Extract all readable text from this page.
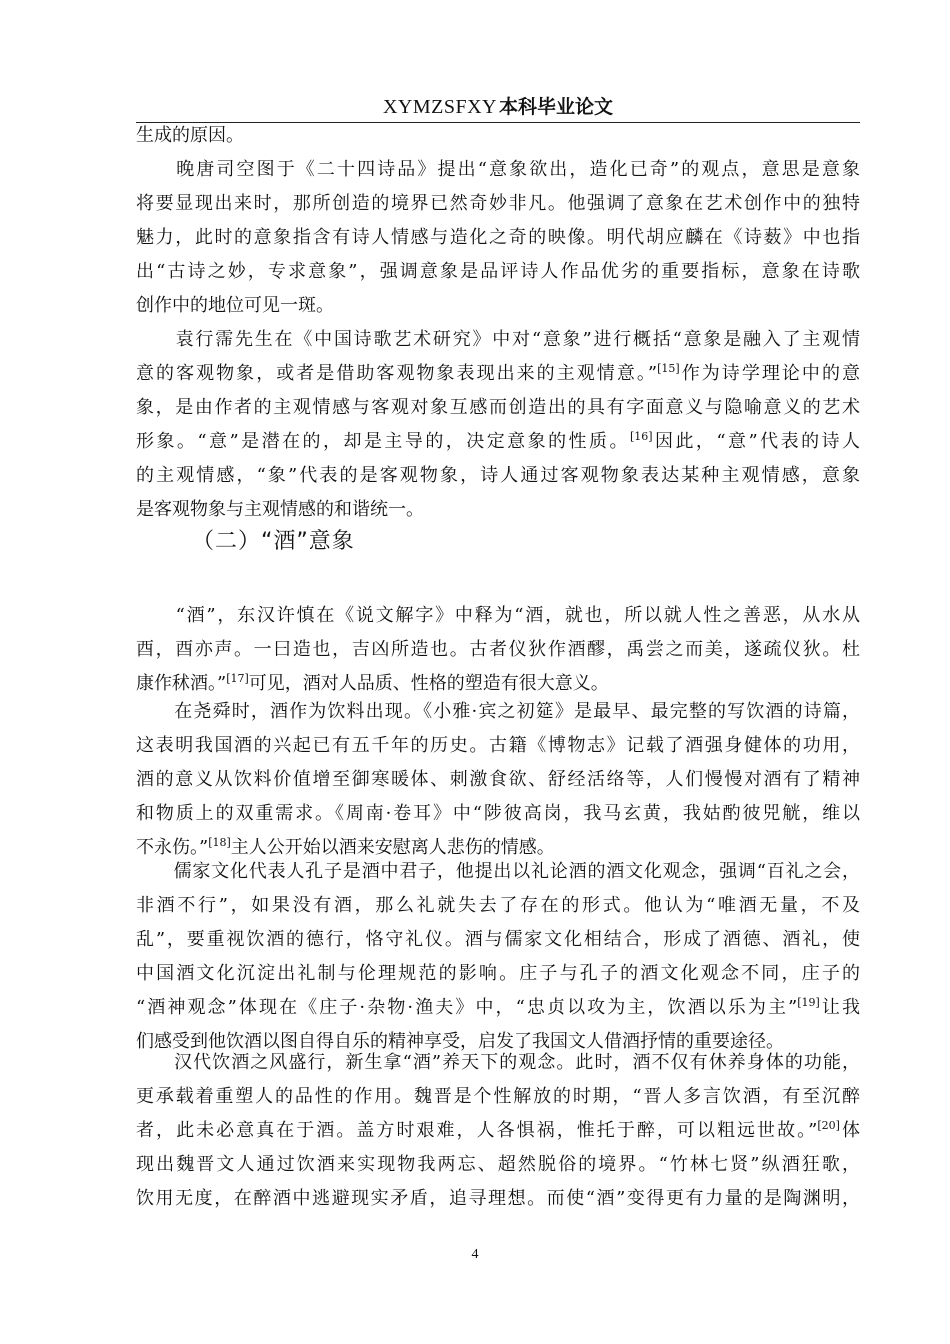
XYMZSFXY 本科毕业论文
生成的原因。
　　晚唐司空图于《二十四诗品》提出“意象欲出，造化已奇”的观点，意思是意象
将要显现出来时，那所创造的境界已然奇妙非凡。他强调了意象在艺术创作中的独特
魅力，此时的意象指含有诗人情感与造化之奇的映像。明代胡应麟在《诗薮》中也指
出“古诗之妙，专求意象”，强调意象是品评诗人作品优劣的重要指标，意象在诗歌
创作中的地位可见一斑。
　　袁行霈先生在《中国诗歌艺术研究》中对“意象”进行概括“意象是融入了主观情
意的客观物象，或者是借助客观物象表现出来的主观情意。”[15]作为诗学理论中的意
象，是由作者的主观情感与客观对象互感而创造出的具有字面意义与隐喻意义的艺术
形象。“意”是潜在的，却是主导的，决定意象的性质。[16]因此，“意”代表的诗人
的主观情感，“象”代表的是客观物象，诗人通过客观物象表达某种主观情感，意象
是客观物象与主观情感的和谐统一。
（二）“酒”意象
　　“酒”，东汉许慎在《说文解字》中释为“酒，就也，所以就人性之善恶，从水从
酉，酉亦声。一曰造也，吉凶所造也。古者仪狄作酒醪，禹尝之而美，遂疏仪狄。杜
康作秫酒。”[17]可见，酒对人品质、性格的塑造有很大意义。
　　在尧舜时，酒作为饮料出现。《小雅·宾之初筵》是最早、最完整的写饮酒的诗篇，
这表明我国酒的兴起已有五千年的历史。古籍《博物志》记载了酒强身健体的功用，
酒的意义从饮料价值增至御寒暖体、刺激食欲、舒经活络等，人们慢慢对酒有了精神
和物质上的双重需求。《周南·卷耳》中“陟彼高岗，我马玄黄，我姑酌彼兕觥，维以
不永伤。”[18]主人公开始以酒来安慰离人悲伤的情感。
　　儒家文化代表人孔子是酒中君子，他提出以礼论酒的酒文化观念，强调“百礼之会，
非酒不行”，如果没有酒，那么礼就失去了存在的形式。他认为“唯酒无量，不及
乱”，要重视饮酒的德行，恪守礼仪。酒与儒家文化相结合，形成了酒德、酒礼，使
中国酒文化沉淀出礼制与伦理规范的影响。庄子与孔子的酒文化观念不同，庄子的
“酒神观念”体现在《庄子·杂物·渔夫》中，“忠贞以攻为主，饮酒以乐为主”[19]让我
们感受到他饮酒以图自得自乐的精神享受，启发了我国文人借酒抒情的重要途径。
　　汉代饮酒之风盛行，新生拿“酒”养天下的观念。此时，酒不仅有休养身体的功能，
更承载着重塑人的品性的作用。魏晋是个性解放的时期，“晋人多言饮酒，有至沉醉
者，此未必意真在于酒。盖方时艰难，人各惧祸，惟托于醉，可以粗远世故。”[20]体
现出魏晋文人通过饮酒来实现物我两忘、超然脱俗的境界。“竹林七贤”纵酒狂歌，
饮用无度，在醉酒中逃避现实矛盾，追寻理想。而使“酒”变得更有力量的是陶渊明，
4
